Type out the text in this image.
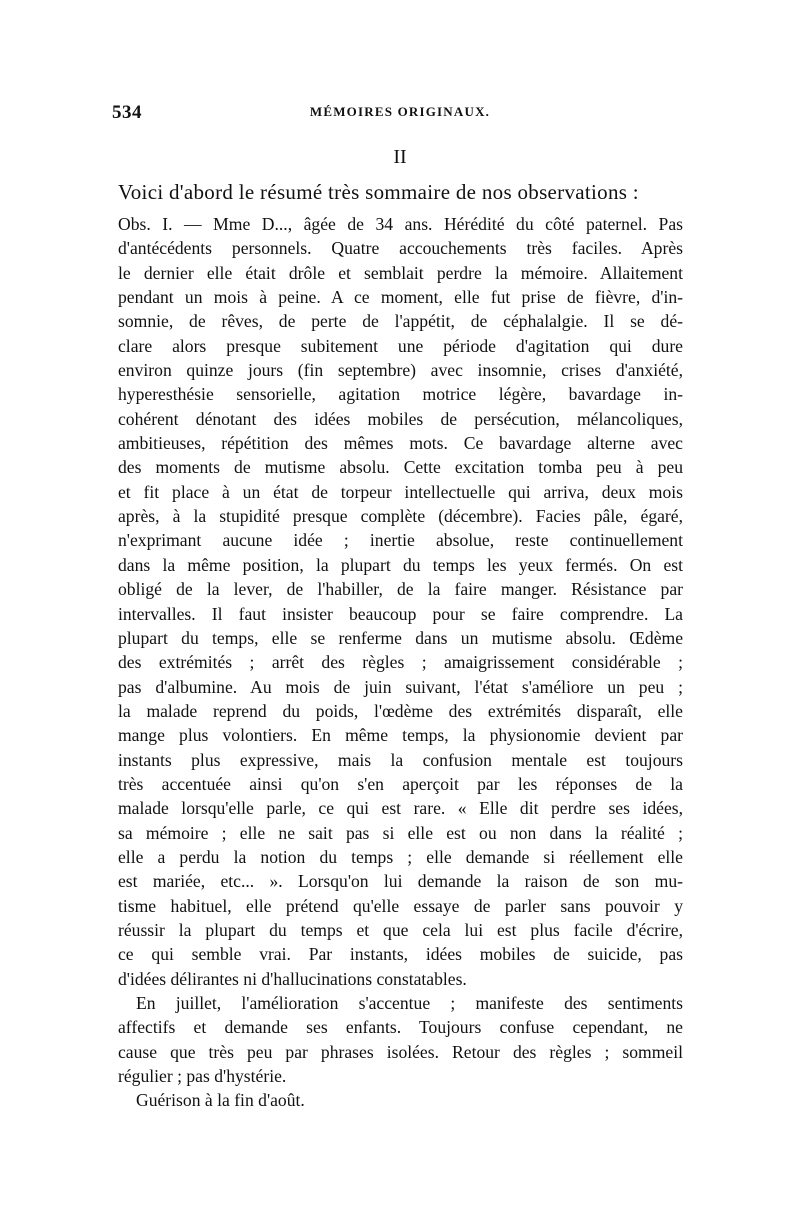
534	MÉMOIRES ORIGINAUX.
II
Voici d'abord le résumé très sommaire de nos observations :
Obs. I. — Mme D..., âgée de 34 ans. Hérédité du côté paternel. Pas
d'antécédents personnels. Quatre accouchements très faciles. Après
le dernier elle était drôle et semblait perdre la mémoire. Allaitement
pendant un mois à peine. A ce moment, elle fut prise de fièvre, d'in-
somnie, de rêves, de perte de l'appétit, de céphalalgie. Il se dé-
clare alors presque subitement une période d'agitation qui dure
environ quinze jours (fin septembre) avec insomnie, crises d'anxiété,
hyperesthésie sensorielle, agitation motrice légère, bavardage in-
cohérent dénotant des idées mobiles de persécution, mélancoliques,
ambitieuses, répétition des mêmes mots. Ce bavardage alterne avec
des moments de mutisme absolu. Cette excitation tomba peu à peu
et fit place à un état de torpeur intellectuelle qui arriva, deux mois
après, à la stupidité presque complète (décembre). Facies pâle, égaré,
n'exprimant aucune idée ; inertie absolue, reste continuellement
dans la même position, la plupart du temps les yeux fermés. On est
obligé de la lever, de l'habiller, de la faire manger. Résistance par
intervalles. Il faut insister beaucoup pour se faire comprendre. La
plupart du temps, elle se renferme dans un mutisme absolu. Œdème
des extrémités ; arrêt des règles ; amaigrissement considérable ;
pas d'albumine. Au mois de juin suivant, l'état s'améliore un peu ;
la malade reprend du poids, l'œdème des extrémités disparaît, elle
mange plus volontiers. En même temps, la physionomie devient par
instants plus expressive, mais la confusion mentale est toujours
très accentuée ainsi qu'on s'en aperçoit par les réponses de la
malade lorsqu'elle parle, ce qui est rare. « Elle dit perdre ses idées,
sa mémoire ; elle ne sait pas si elle est ou non dans la réalité ;
elle a perdu la notion du temps ; elle demande si réellement elle
est mariée, etc... ». Lorsqu'on lui demande la raison de son mu-
tisme habituel, elle prétend qu'elle essaye de parler sans pouvoir y
réussir la plupart du temps et que cela lui est plus facile d'écrire,
ce qui semble vrai. Par instants, idées mobiles de suicide, pas
d'idées délirantes ni d'hallucinations constatables.
En juillet, l'amélioration s'accentue ; manifeste des sentiments
affectifs et demande ses enfants. Toujours confuse cependant, ne
cause que très peu par phrases isolées. Retour des règles ; sommeil
régulier ; pas d'hystérie.
Guérison à la fin d'août.
